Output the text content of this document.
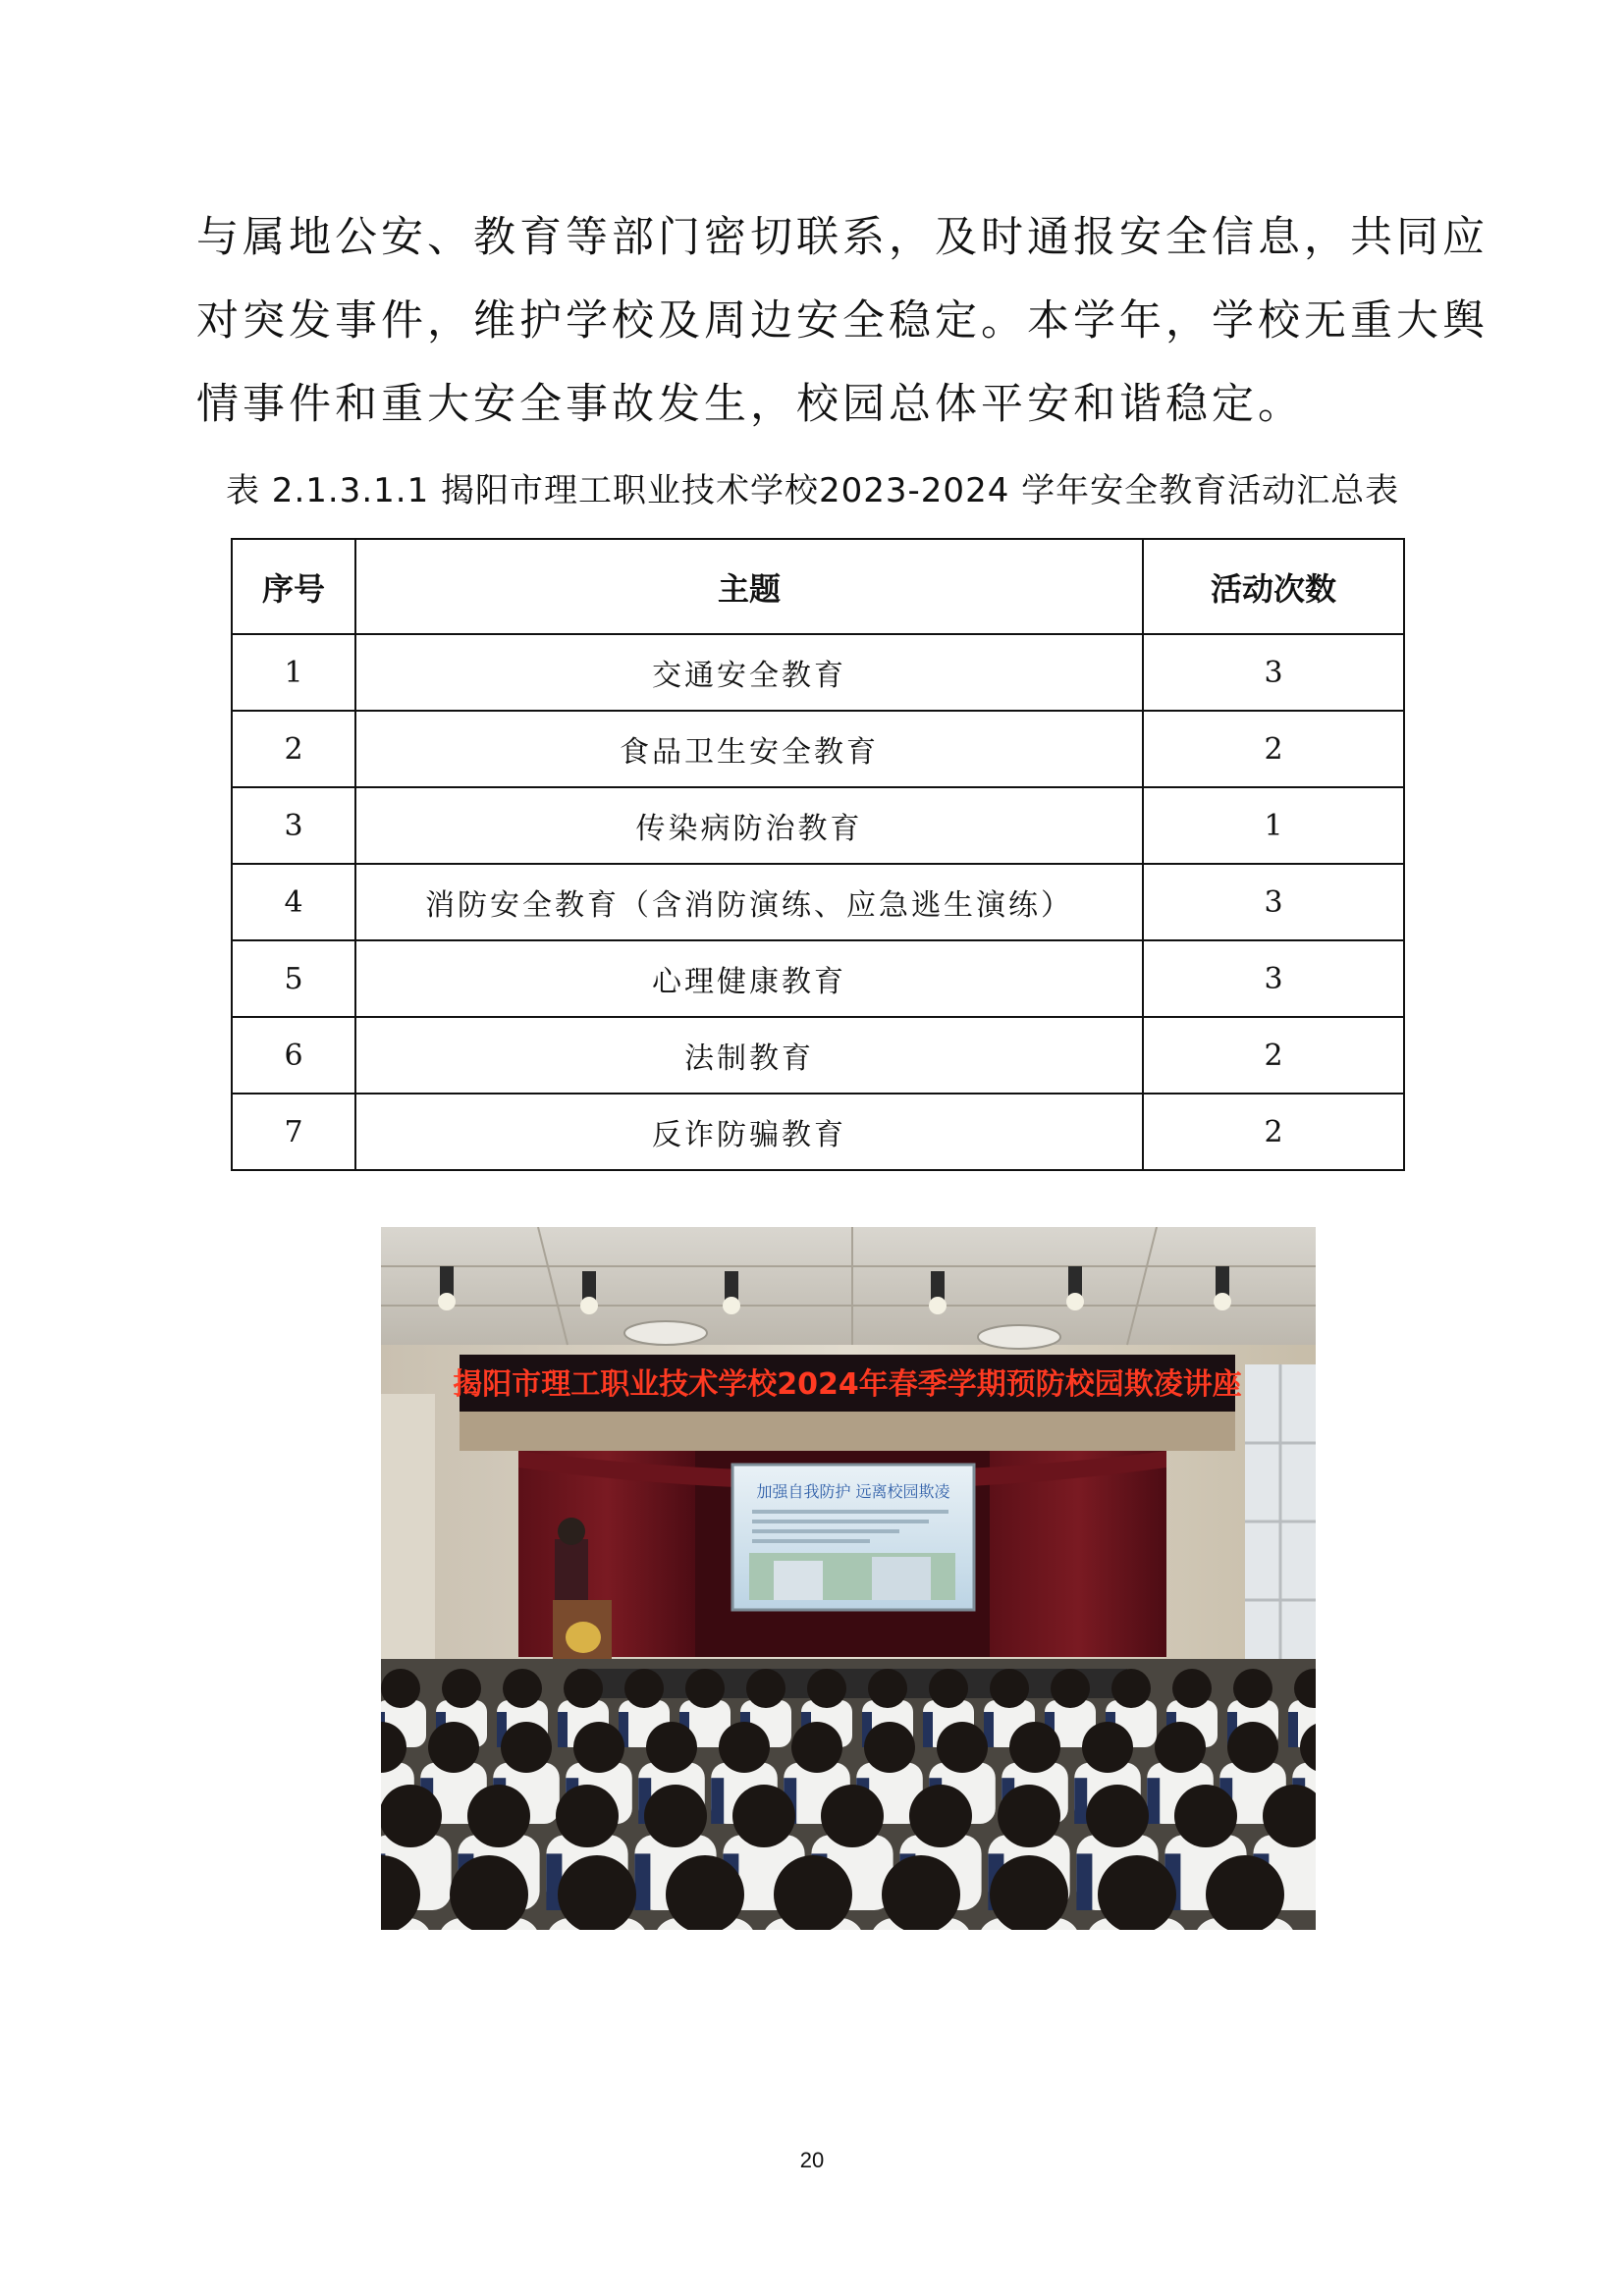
与属地公安、教育等部门密切联系，及时通报安全信息，共同应
对突发事件，维护学校及周边安全稳定。本学年，学校无重大舆
情事件和重大安全事故发生，校园总体平安和谐稳定。
表 2.1.3.1.1 揭阳市理工职业技术学校2023-2024 学年安全教育活动汇总表
序号	主题	活动次数
1	交通安全教育	3
2	食品卫生安全教育	2
3	传染病防治教育	1
4	消防安全教育（含消防演练、应急逃生演练）	3
5	心理健康教育	3
6	法制教育	2
7	反诈防骗教育	2
揭阳市理工职业技术学校2024年春季学期预防校园欺凌讲座
加强自我防护 远离校园欺凌
20
